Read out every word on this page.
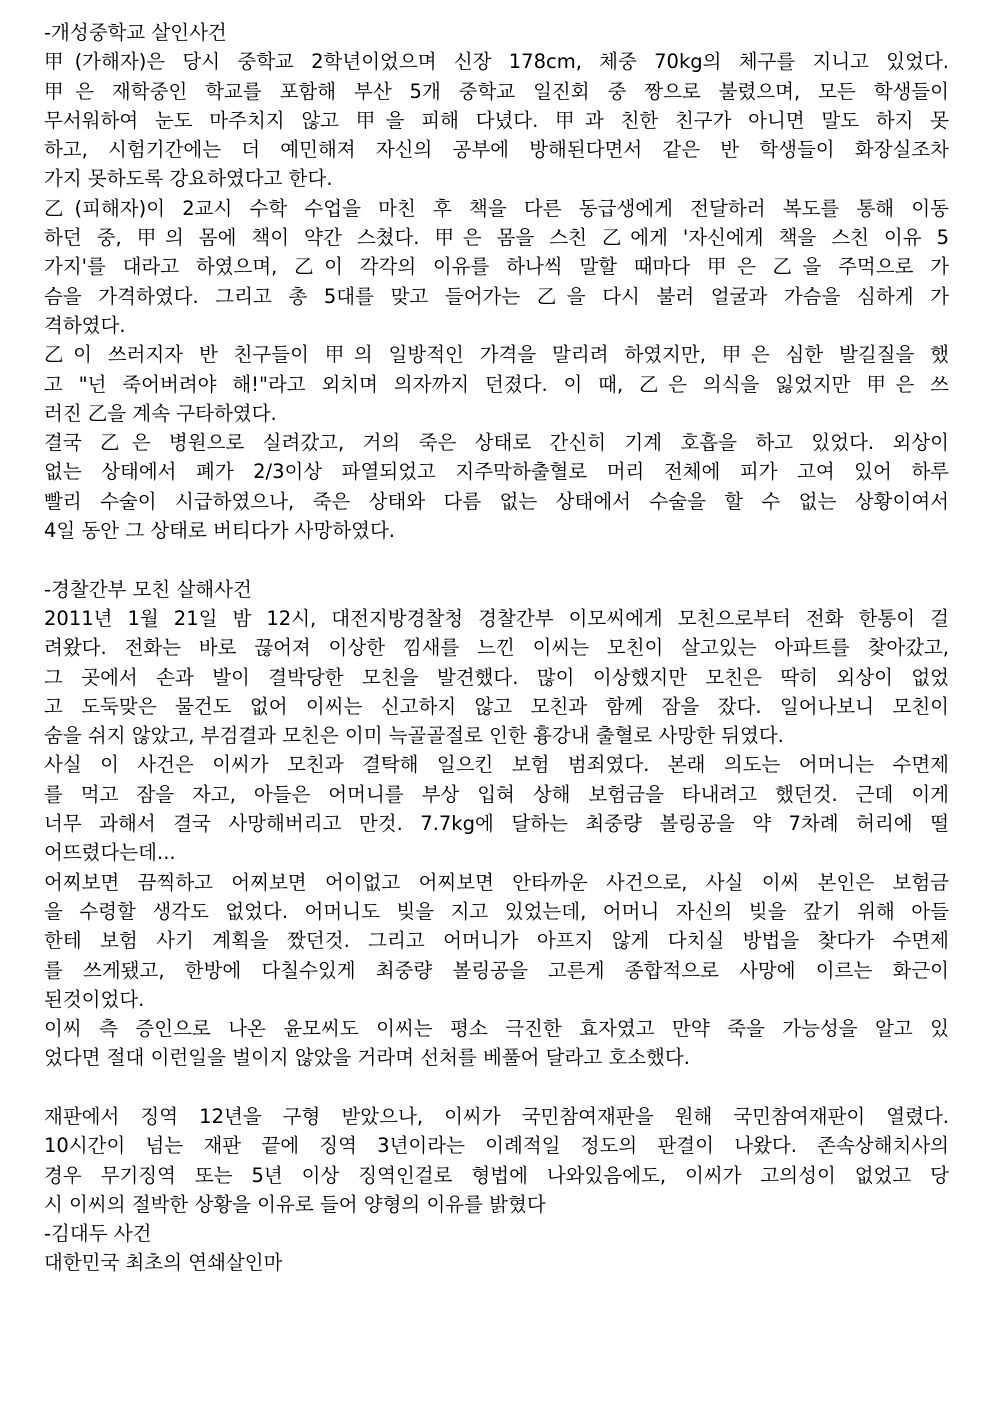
-개성중학교 살인사건
甲(가해자)은 당시 중학교 2학년이었으며 신장 178cm, 체중 70kg의 체구를 지니고 있었다.
甲은 재학중인 학교를 포함해 부산 5개 중학교 일진회 중 짱으로 불렸으며, 모든 학생들이
무서워하여 눈도 마주치지 않고 甲을 피해 다녔다. 甲과 친한 친구가 아니면 말도 하지 못
하고, 시험기간에는 더 예민해져 자신의 공부에 방해된다면서 같은 반 학생들이 화장실조차
가지 못하도록 강요하였다고 한다.
乙(피해자)이 2교시 수학 수업을 마친 후 책을 다른 동급생에게 전달하러 복도를 통해 이동
하던 중, 甲의 몸에 책이 약간 스쳤다. 甲은 몸을 스친 乙에게 '자신에게 책을 스친 이유 5
가지'를 대라고 하였으며, 乙이 각각의 이유를 하나씩 말할 때마다 甲은 乙을 주먹으로 가
슴을 가격하였다. 그리고 총 5대를 맞고 들어가는 乙을 다시 불러 얼굴과 가슴을 심하게 가
격하였다.
乙이 쓰러지자 반 친구들이 甲의 일방적인 가격을 말리려 하였지만, 甲은 심한 발길질을 했
고 "넌 죽어버려야 해!"라고 외치며 의자까지 던졌다. 이 때, 乙은 의식을 잃었지만 甲은 쓰
러진 乙을 계속 구타하였다.
결국 乙은 병원으로 실려갔고, 거의 죽은 상태로 간신히 기계 호흡을 하고 있었다. 외상이
없는 상태에서 폐가 2/3이상 파열되었고 지주막하출혈로 머리 전체에 피가 고여 있어 하루
빨리 수술이 시급하였으나, 죽은 상태와 다름 없는 상태에서 수술을 할 수 없는 상황이여서
4일 동안 그 상태로 버티다가 사망하였다.
-경찰간부 모친 살해사건
2011년 1월 21일 밤 12시, 대전지방경찰청 경찰간부 이모씨에게 모친으로부터 전화 한통이 걸
려왔다. 전화는 바로 끊어져 이상한 낌새를 느낀 이씨는 모친이 살고있는 아파트를 찾아갔고,
그 곳에서 손과 발이 결박당한 모친을 발견했다. 많이 이상했지만 모친은 딱히 외상이 없었
고 도둑맞은 물건도 없어 이씨는 신고하지 않고 모친과 함께 잠을 잤다. 일어나보니 모친이
숨을 쉬지 않았고, 부검결과 모친은 이미 늑골골절로 인한 흉강내 출혈로 사망한 뒤였다.
사실 이 사건은 이씨가 모친과 결탁해 일으킨 보험 범죄였다. 본래 의도는 어머니는 수면제
를 먹고 잠을 자고, 아들은 어머니를 부상 입혀 상해 보험금을 타내려고 했던것. 근데 이게
너무 과해서 결국 사망해버리고 만것. 7.7kg에 달하는 최중량 볼링공을 약 7차례 허리에 떨
어뜨렸다는데...
어찌보면 끔찍하고 어찌보면 어이없고 어찌보면 안타까운 사건으로, 사실 이씨 본인은 보험금
을 수령할 생각도 없었다. 어머니도 빚을 지고 있었는데, 어머니 자신의 빚을 갚기 위해 아들
한테 보험 사기 계획을 짰던것. 그리고 어머니가 아프지 않게 다치실 방법을 찾다가 수면제
를 쓰게됐고, 한방에 다칠수있게 최중량 볼링공을 고른게 종합적으로 사망에 이르는 화근이
된것이었다.
이씨 측 증인으로 나온 윤모씨도 이씨는 평소 극진한 효자였고 만약 죽을 가능성을 알고 있
었다면 절대 이런일을 벌이지 않았을 거라며 선처를 베풀어 달라고 호소했다.
재판에서 징역 12년을 구형 받았으나, 이씨가 국민참여재판을 원해 국민참여재판이 열렸다.
10시간이 넘는 재판 끝에 징역 3년이라는 이례적일 정도의 판결이 나왔다. 존속상해치사의
경우 무기징역 또는 5년 이상 징역인걸로 형법에 나와있음에도, 이씨가 고의성이 없었고 당
시 이씨의 절박한 상황을 이유로 들어 양형의 이유를 밝혔다
-김대두 사건
대한민국 최초의 연쇄살인마
